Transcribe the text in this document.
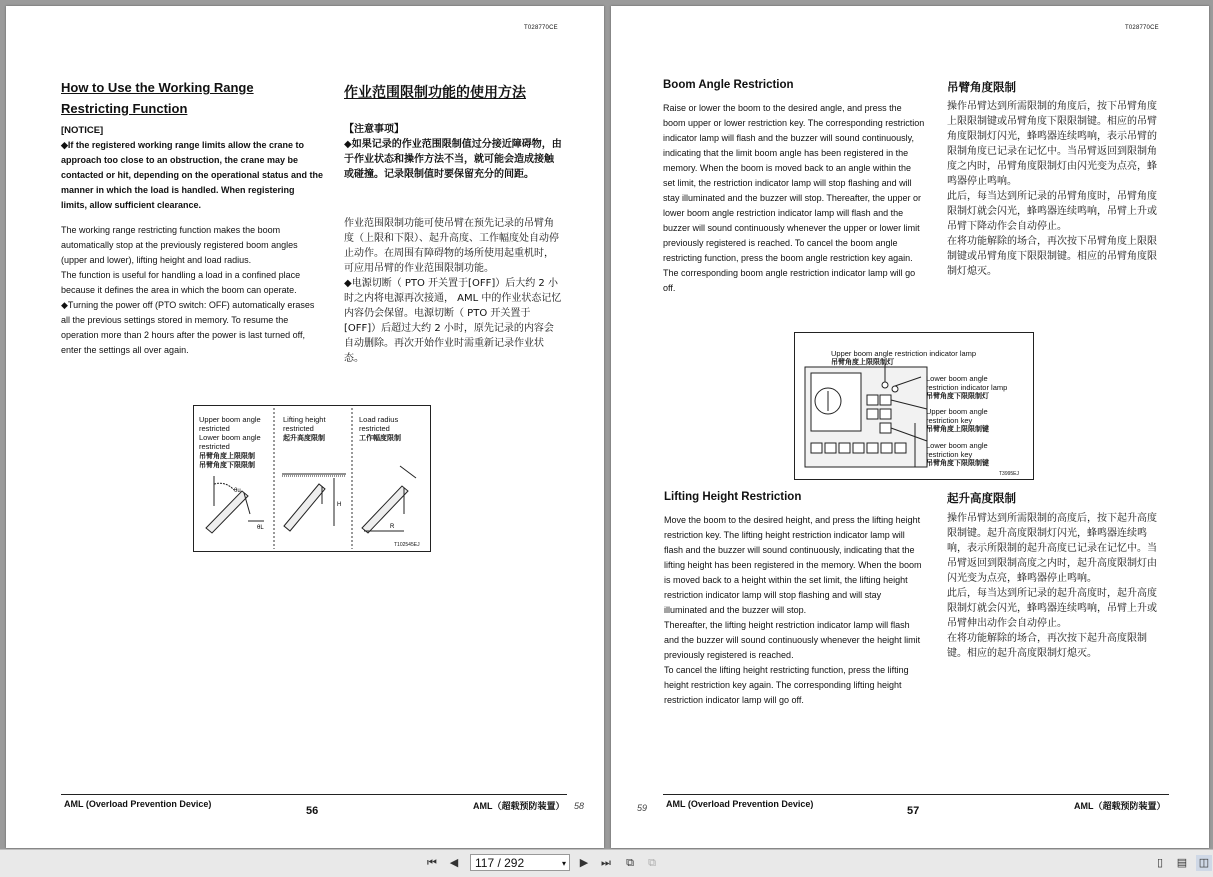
T028770CE
How to Use the Working Range
Restricting Function
作业范围限制功能的使用方法
[NOTICE]
◆If the registered working range limits allow the crane to approach too close to an obstruction, the crane may be contacted or hit, depending on the operational status and the manner in which the load is handled. When registering limits, allow sufficient clearance.

The working range restricting function makes the boom automatically stop at the previously registered boom angles (upper and lower), lifting height and load radius.

The function is useful for handling a load in a confined place because it defines the area in which the boom can operate.

◆Turning the power off (PTO switch: OFF) automatically erases all the previous settings stored in memory. To resume the operation more than 2 hours after the power is last turned off, enter the settings all over again.

【注意事项】
◆如果记录的作业范围限制值过分接近障碍物，由于作业状态和操作方法不当，就可能会造成接触或碰撞。记录限制值时要保留充分的间距。

作业范围限制功能可使吊臂在预先记录的吊臂角度（上限和下限）、起升高度、工作幅度处自动停止动作。在周围有障碍物的场所使用起重机时，可应用吊臂的作业范围限制功能。

◆电源切断（ PTO 开关置于[OFF]）后大约 2 小时之内将电源再次接通， AML 中的作业状态记忆内容仍会保留。电源切断（ PTO 开关置于[OFF]）后超过大约 2 小时，原先记录的内容会自动删除。再次开始作业时需重新记录作业状态。

θu
θL
H
R
Upper boom angle restricted
Lower boom angle restricted
吊臂角度上限限制
吊臂角度下限限制
Lifting height restricted
起升高度限制
Load radius restricted
工作幅度限制
T102545EJ
AML (Overload Prevention Device)
56	AML（超载预防装置） 58
T028770CE
Boom Angle Restriction	吊臂角度限制
Raise or lower the boom to the desired angle, and press the boom upper or lower restriction key. The corresponding restriction indicator lamp will flash and the buzzer will sound continuously, indicating that the limit boom angle has been registered in the memory. When the boom is moved back to an angle within the set limit, the restriction indicator lamp will stop flashing and will stay illuminated and the buzzer will stop. Thereafter, the upper or lower boom angle restriction indicator lamp will flash and the buzzer will sound continuously whenever the upper or lower limit previously registered is reached. To cancel the boom angle restricting function, press the boom angle restriction key again. The corresponding boom angle restriction indicator lamp will go off.
操作吊臂达到所需限制的角度后，按下吊臂角度上限限制键或吊臂角度下限限制键。相应的吊臂角度限制灯闪光，蜂鸣器连续鸣响，表示吊臂的限制角度已记录在记忆中。当吊臂返回到限制角度之内时，吊臂角度限制灯由闪光变为点亮，蜂鸣器停止鸣响。
此后，每当达到所记录的吊臂角度时，吊臂角度限制灯就会闪光，蜂鸣器连续鸣响，吊臂上升或吊臂下降动作会自动停止。
在将功能解除的场合，再次按下吊臂角度上限限制键或吊臂角度下限限制键。相应的吊臂角度限制灯熄灭。
Upper boom angle restriction indicator lamp
吊臂角度上限限制灯
Lower boom angle
restriction indicator lamp
吊臂角度下限限制灯
Upper boom angle
restriction key
吊臂角度上限限制键
Lower boom angle
restriction key
吊臂角度下限限制键
T3995EJ
Lifting Height Restriction	起升高度限制
Move the boom to the desired height, and press the lifting height restriction key. The lifting height restriction indicator lamp will flash and the buzzer will sound continuously, indicating that the lifting height has been registered in the memory. When the boom is moved back to a height within the set limit, the lifting height restriction indicator lamp will stop flashing and will stay illuminated and the buzzer will stop.
Thereafter, the lifting height restriction indicator lamp will flash and the buzzer will sound continuously whenever the height limit previously registered is reached.
To cancel the lifting height restricting function, press the lifting height restriction key again. The corresponding lifting height restriction indicator lamp will go off.
操作吊臂达到所需限制的高度后，按下起升高度限制键。起升高度限制灯闪光，蜂鸣器连续鸣响，表示所限制的起升高度已记录在记忆中。当吊臂返回到限制高度之内时，起升高度限制灯由闪光变为点亮，蜂鸣器停止鸣响。
此后，每当达到所记录的起升高度时，起升高度限制灯就会闪光，蜂鸣器连续鸣响，吊臂上升或吊臂伸出动作会自动停止。
在将功能解除的场合，再次按下起升高度限制键。相应的起升高度限制灯熄灭。
59 AML (Overload Prevention Device)
57	AML（超载预防装置）
⏮	◀	117 / 292	▾	▶	⏭	⧉	⧉	▯	▤ ◫
